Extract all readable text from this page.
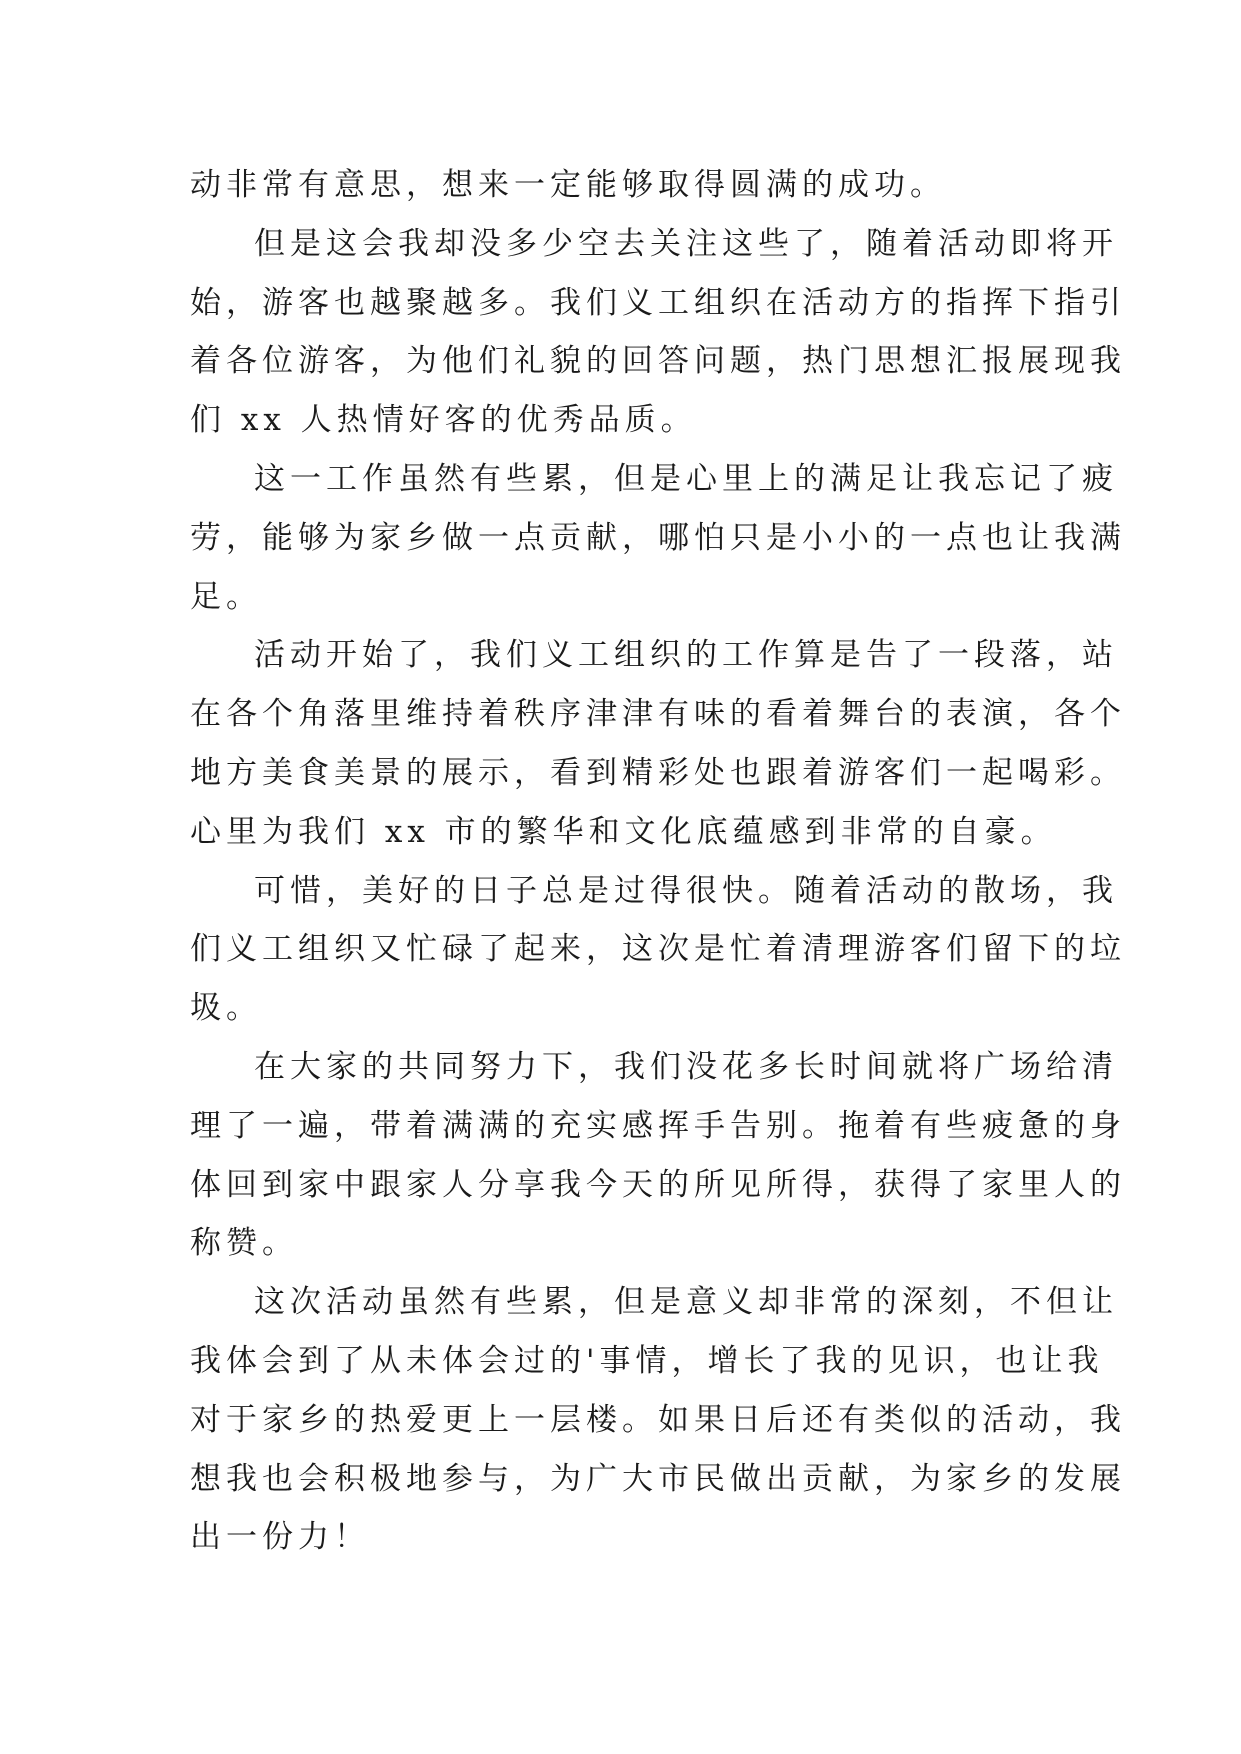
动非常有意思，想来一定能够取得圆满的成功。
但是这会我却没多少空去关注这些了，随着活动即将开
始，游客也越聚越多。我们义工组织在活动方的指挥下指引
着各位游客，为他们礼貌的回答问题，热门思想汇报展现我
们 xx 人热情好客的优秀品质。
这一工作虽然有些累，但是心里上的满足让我忘记了疲
劳，能够为家乡做一点贡献，哪怕只是小小的一点也让我满
足。
活动开始了，我们义工组织的工作算是告了一段落，站
在各个角落里维持着秩序津津有味的看着舞台的表演，各个
地方美食美景的展示，看到精彩处也跟着游客们一起喝彩。
心里为我们 xx 市的繁华和文化底蕴感到非常的自豪。
可惜，美好的日子总是过得很快。随着活动的散场，我
们义工组织又忙碌了起来，这次是忙着清理游客们留下的垃
圾。
在大家的共同努力下，我们没花多长时间就将广场给清
理了一遍，带着满满的充实感挥手告别。拖着有些疲惫的身
体回到家中跟家人分享我今天的所见所得，获得了家里人的
称赞。
这次活动虽然有些累，但是意义却非常的深刻，不但让
我体会到了从未体会过的'事情，增长了我的见识，也让我
对于家乡的热爱更上一层楼。如果日后还有类似的活动，我
想我也会积极地参与，为广大市民做出贡献，为家乡的发展
出一份力！
